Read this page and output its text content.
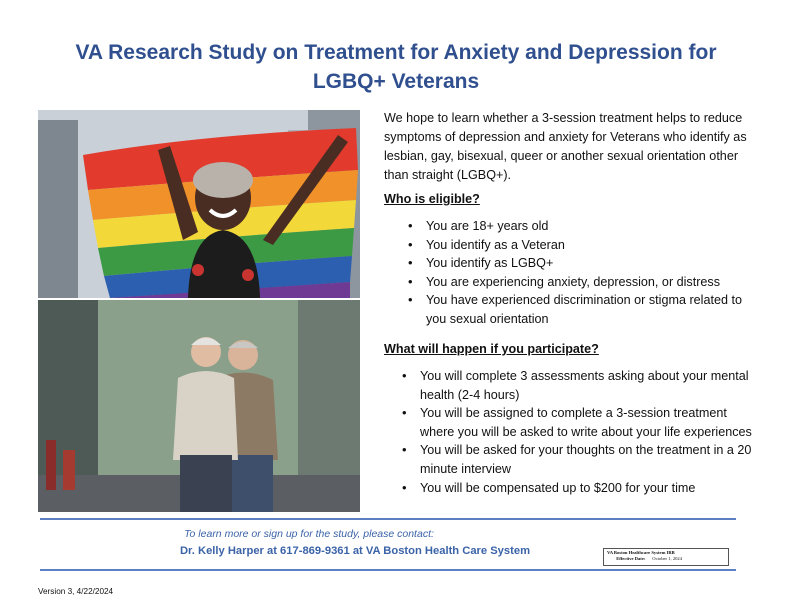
VA Research Study on Treatment for Anxiety and Depression for LGBQ+ Veterans

We hope to learn whether a 3-session treatment helps to reduce symptoms of depression and anxiety for Veterans who identify as lesbian, gay, bisexual, queer or another sexual orientation other than straight (LGBQ+).

Who is eligible?

• You are 18+ years old
• You identify as a Veteran
• You identify as LGBQ+
• You are experiencing anxiety, depression, or distress
• You have experienced discrimination or stigma related to you sexual orientation

What will happen if you participate?

• You will complete 3 assessments asking about your mental health (2-4 hours)
• You will be assigned to complete a 3-session treatment where you will be asked to write about your life experiences
• You will be asked for your thoughts on the treatment in a 20 minute interview
• You will be compensated up to $200 for your time

To learn more or sign up for the study, please contact:

Dr. Kelly Harper at 617-869-9361 at VA Boston Health Care System	VA Boston Healthcare System IRB
Effective Date: October 1, 2024

Version 3, 4/22/2024
